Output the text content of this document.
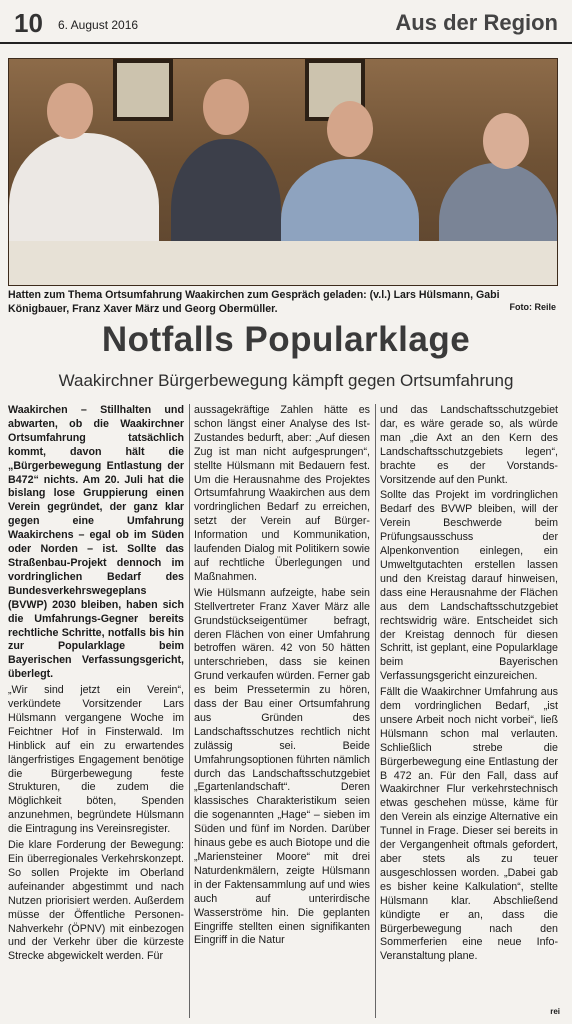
10 6. August 2016	Aus der Region
Hatten zum Thema Ortsumfahrung Waakirchen zum Gespräch geladen: (v.l.) Lars Hülsmann, Gabi Königbauer, Franz Xaver März und Georg Obermüller.	Foto: Reile
Notfalls Popularklage
Waakirchner Bürgerbewegung kämpft gegen Ortsumfahrung

Waakirchen – Stillhalten und abwarten, ob die Waakirchner Ortsumfahrung tatsächlich kommt, davon hält die „Bürgerbewegung Entlastung der B472“ nichts. Am 20. Juli hat die bislang lose Gruppierung einen Verein gegründet, der ganz klar gegen eine Umfahrung Waakirchens – egal ob im Süden oder Norden – ist. Sollte das Straßenbau-Projekt dennoch im vordringlichen Bedarf des Bundesverkehrswegeplans (BVWP) 2030 bleiben, haben sich die Umfahrungs-Gegner bereits rechtliche Schritte, notfalls bis hin zur Popularklage beim Bayerischen Verfassungsgericht, überlegt.

„Wir sind jetzt ein Verein“, verkündete Vorsitzender Lars Hülsmann vergangene Woche im Feichtner Hof in Finsterwald. Im Hinblick auf ein zu erwartendes längerfristiges Engagement benötige die Bürgerbewegung feste Strukturen, die zudem die Möglichkeit böten, Spenden anzunehmen, begründete Hülsmann die Eintragung ins Vereinsregister.

Die klare Forderung der Bewegung: Ein überregionales Verkehrskonzept. So sollen Projekte im Oberland aufeinander abgestimmt und nach Nutzen priorisiert werden. Außerdem müsse der Öffentliche Personen-Nahverkehr (ÖPNV) mit einbezogen und der Verkehr über die kürzeste Strecke abgewickelt werden. Für

aussagekräftige Zahlen hätte es schon längst einer Analyse des Ist-Zustandes bedurft, aber: „Auf diesen Zug ist man nicht aufgesprungen“, stellte Hülsmann mit Bedauern fest. Um die Herausnahme des Projektes Ortsumfahrung Waakirchen aus dem vordringlichen Bedarf zu erreichen, setzt der Verein auf Bürger-Information und Kommunikation, laufenden Dialog mit Politikern sowie auf rechtliche Überlegungen und Maßnahmen.

Wie Hülsmann aufzeigte, habe sein Stellvertreter Franz Xaver März alle Grundstückseigentümer befragt, deren Flächen von einer Umfahrung betroffen wären. 42 von 50 hätten unterschrieben, dass sie keinen Grund verkaufen würden. Ferner gab es beim Pressetermin zu hören, dass der Bau einer Ortsumfahrung aus Gründen des Landschaftsschutzes rechtlich nicht zulässig sei. Beide Umfahrungsoptionen führten nämlich durch das Landschaftsschutzgebiet „Egartenlandschaft“. Deren klassisches Charakteristikum seien die sogenannten „Hage“ – sieben im Süden und fünf im Norden. Darüber hinaus gebe es auch Biotope und die „Mariensteiner Moore“ mit drei Naturdenkmälern, zeigte Hülsmann in der Faktensammlung auf und wies auch auf unterirdische Wasserströme hin. Die geplanten Eingriffe stellten einen signifikanten Eingriff in die Natur

und das Landschaftsschutzgebiet dar, es wäre gerade so, als würde man „die Axt an den Kern des Landschaftsschutzgebiets legen“, brachte es der Vorstands-Vorsitzende auf den Punkt.

Sollte das Projekt im vordringlichen Bedarf des BVWP bleiben, will der Verein Beschwerde beim Prüfungsausschuss der Alpenkonvention einlegen, ein Umweltgutachten erstellen lassen und den Kreistag darauf hinweisen, dass eine Herausnahme der Flächen aus dem Landschaftsschutzgebiet rechtswidrig wäre. Entscheidet sich der Kreistag dennoch für diesen Schritt, ist geplant, eine Popularklage beim Bayerischen Verfassungsgericht einzureichen.

Fällt die Waakirchner Umfahrung aus dem vordringlichen Bedarf, „ist unsere Arbeit noch nicht vorbei“, ließ Hülsmann schon mal verlauten. Schließlich strebe die Bürgerbewegung eine Entlastung der B 472 an. Für den Fall, dass auf Waakirchner Flur verkehrstechnisch etwas geschehen müsse, käme für den Verein als einzige Alternative ein Tunnel in Frage. Dieser sei bereits in der Vergangenheit oftmals gefordert, aber stets als zu teuer ausgeschlossen worden. „Dabei gab es bisher keine Kalkulation“, stellte Hülsmann klar. Abschließend kündigte er an, dass die Bürgerbewegung nach den Sommerferien eine neue Info-Veranstaltung plane.

rei
